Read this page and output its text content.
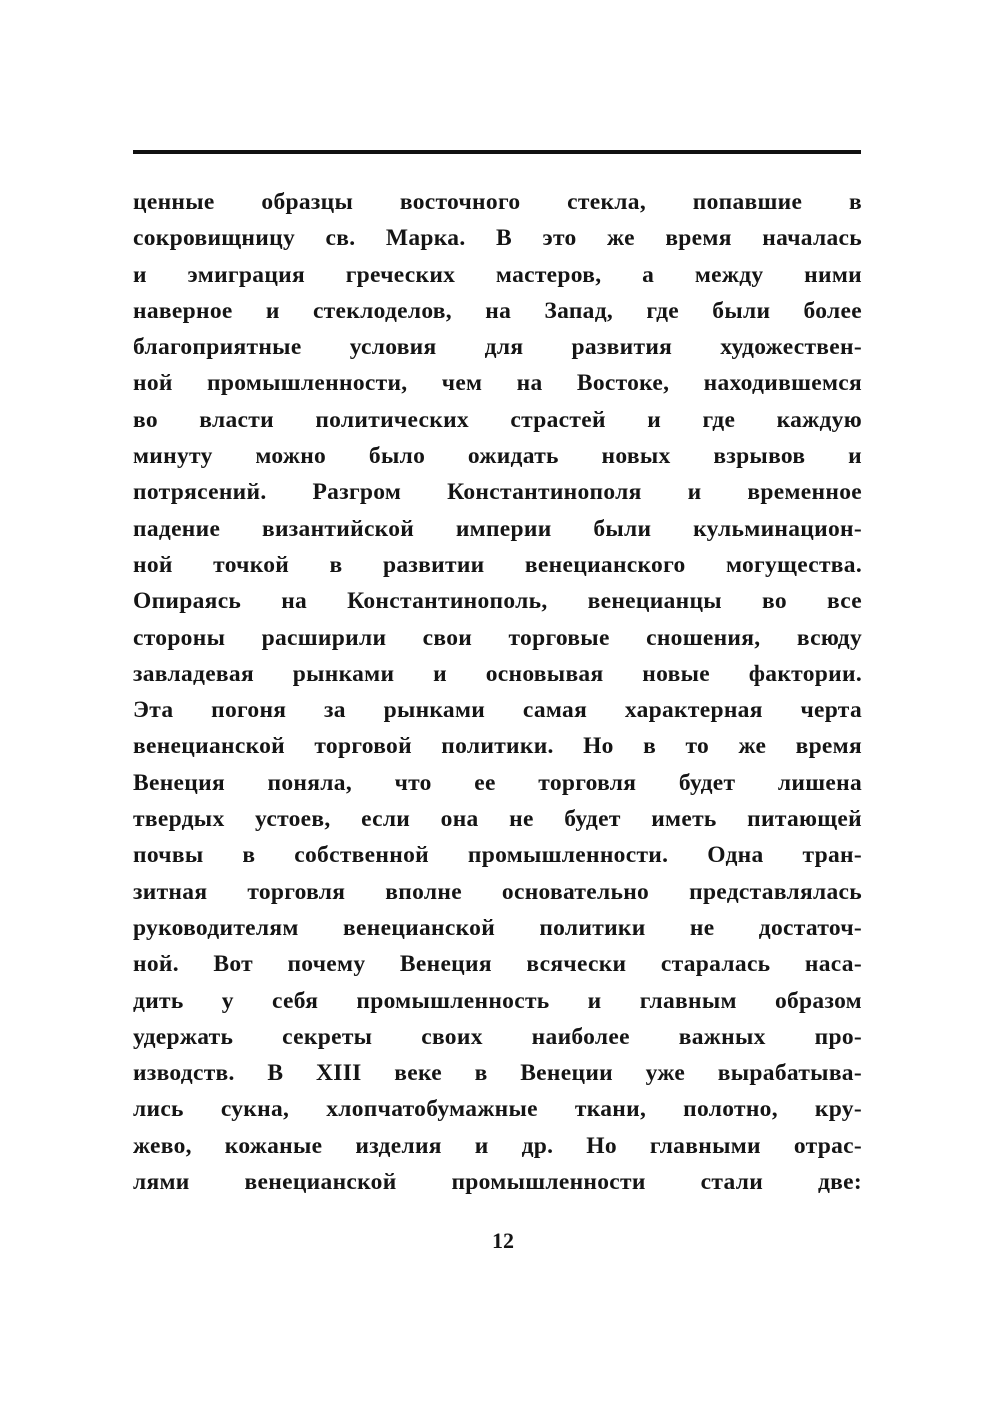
ценные образцы восточного стекла, попавшие в
сокровищницу св. Марка. В это же время началась
и эмиграция греческих мастеров, а между ними
наверное и стеклоделов, на Запад, где были более
благоприятные условия для развития художествен-
ной промышленности, чем на Востоке, находившемся
во власти политических страстей и где каждую
минуту можно было ожидать новых взрывов и
потрясений. Разгром Константинополя и временное
падение византийской империи были кульминацион-
ной точкой в развитии венецианского могущества.
Опираясь на Константинополь, венецианцы во все
стороны расширили свои торговые сношения, всюду
завладевая рынками и основывая новые фактории.
Эта погоня за рынками самая характерная черта
венецианской торговой политики. Но в то же время
Венеция поняла, что ее торговля будет лишена
твердых устоев, если она не будет иметь питающей
почвы в собственной промышленности. Одна тран-
зитная торговля вполне основательно представлялась
руководителям венецианской политики не достаточ-
ной. Вот почему Венеция всячески старалась наса-
дить у себя промышленность и главным образом
удержать секреты своих наиболее важных про-
изводств. В XIII веке в Венеции уже вырабатыва-
лись сукна, хлопчатобумажные ткани, полотно, кру-
жево, кожаные изделия и др. Но главными отрас-
лями венецианской промышленности стали две:
12
